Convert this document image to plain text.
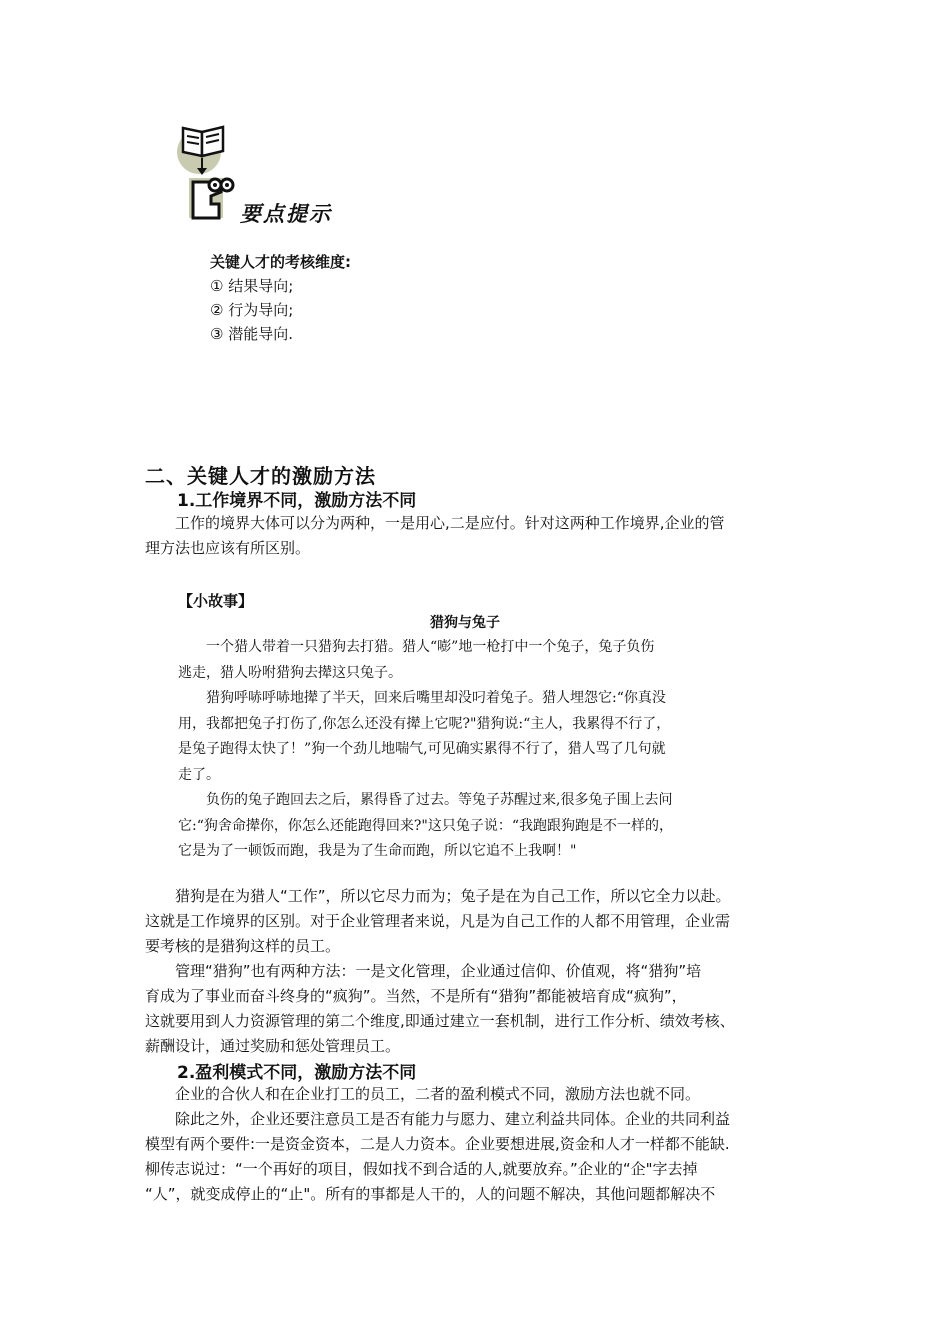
要点提示
关键人才的考核维度:
① 结果导向;
② 行为导向;
③ 潜能导向.
二、关键人才的激励方法
1.工作境界不同，激励方法不同
　　工作的境界大体可以分为两种，一是用心,二是应付。针对这两种工作境界,企业的管
理方法也应该有所区别。
【小故事】
猎狗与兔子
　　一个猎人带着一只猎狗去打猎。猎人“嘭”地一枪打中一个兔子，兔子负伤
逃走，猎人吩咐猎狗去撵这只兔子。
　　猎狗呼哧呼哧地撵了半天，回来后嘴里却没叼着兔子。猎人埋怨它:“你真没
用，我都把兔子打伤了,你怎么还没有撵上它呢?"猎狗说:“主人，我累得不行了，
是兔子跑得太快了！”狗一个劲儿地喘气,可见确实累得不行了，猎人骂了几句就
走了。
　　负伤的兔子跑回去之后，累得昏了过去。等兔子苏醒过来,很多兔子围上去问
它:“狗舍命撵你，你怎么还能跑得回来?"这只兔子说：“我跑跟狗跑是不一样的，
它是为了一顿饭而跑，我是为了生命而跑，所以它追不上我啊！"
　　猎狗是在为猎人“工作”，所以它尽力而为；兔子是在为自己工作，所以它全力以赴。
这就是工作境界的区别。对于企业管理者来说，凡是为自己工作的人都不用管理，企业需
要考核的是猎狗这样的员工。
　　管理“猎狗”也有两种方法：一是文化管理，企业通过信仰、价值观，将“猎狗”培
育成为了事业而奋斗终身的“疯狗”。当然，不是所有“猎狗”都能被培育成“疯狗”，
这就要用到人力资源管理的第二个维度,即通过建立一套机制，进行工作分析、绩效考核、
薪酬设计，通过奖励和惩处管理员工。
2.盈利模式不同，激励方法不同
　　企业的合伙人和在企业打工的员工，二者的盈利模式不同，激励方法也就不同。
　　除此之外，企业还要注意员工是否有能力与愿力、建立利益共同体。企业的共同利益
模型有两个要件:一是资金资本，二是人力资本。企业要想进展,资金和人才一样都不能缺.
柳传志说过：“一个再好的项目，假如找不到合适的人,就要放弃。”企业的“企"字去掉
“人”，就变成停止的“止"。所有的事都是人干的，人的问题不解决，其他问题都解决不
